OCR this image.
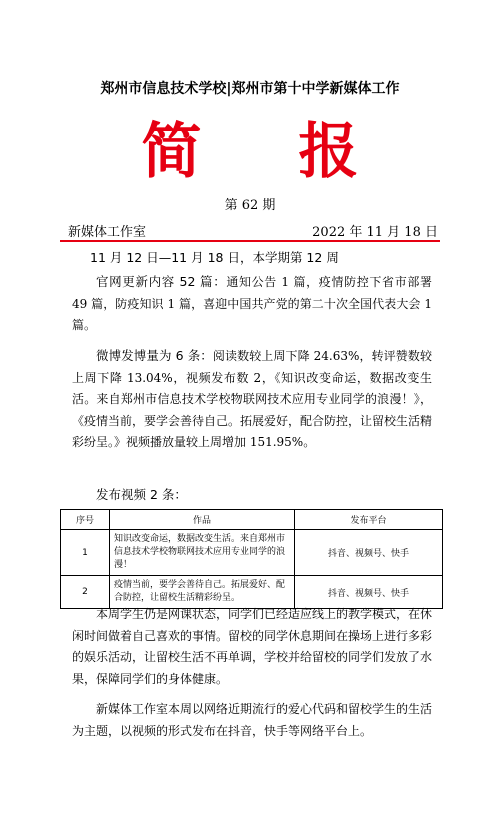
郑州市信息技术学校|郑州市第十中学新媒体工作
简 报
第 62 期
新媒体工作室	2022 年 11 月 18 日
11 月 12 日—11 月 18 日，本学期第 12 周
官网更新内容 52 篇：通知公告 1 篇，疫情防控下省市部署 49 篇，防疫知识 1 篇，喜迎中国共产党的第二十次全国代表大会 1 篇。
微博发博量为 6 条：阅读数较上周下降 24.63%，转评赞数较上周下降 13.04%，视频发布数 2，《知识改变命运，数据改变生活。来自郑州市信息技术学校物联网技术应用专业同学的浪漫！》，《疫情当前，要学会善待自己。拓展爱好，配合防控，让留校生活精彩纷呈。》视频播放量较上周增加 151.95%。
发布视频 2 条：
序号	作品	发布平台
1	知识改变命运，数据改变生活。来自郑州市信息技术学校物联网技术应用专业同学的浪漫！	抖音、视频号、快手
2	疫情当前，要学会善待自己。拓展爱好、配合防控，让留校生活精彩纷呈。	抖音、视频号、快手
本周学生仍是网课状态，同学们已经适应线上的教学模式，在休闲时间做着自己喜欢的事情。留校的同学休息期间在操场上进行多彩的娱乐活动，让留校生活不再单调，学校并给留校的同学们发放了水果，保障同学们的身体健康。
新媒体工作室本周以网络近期流行的爱心代码和留校学生的生活为主题，以视频的形式发布在抖音，快手等网络平台上。
